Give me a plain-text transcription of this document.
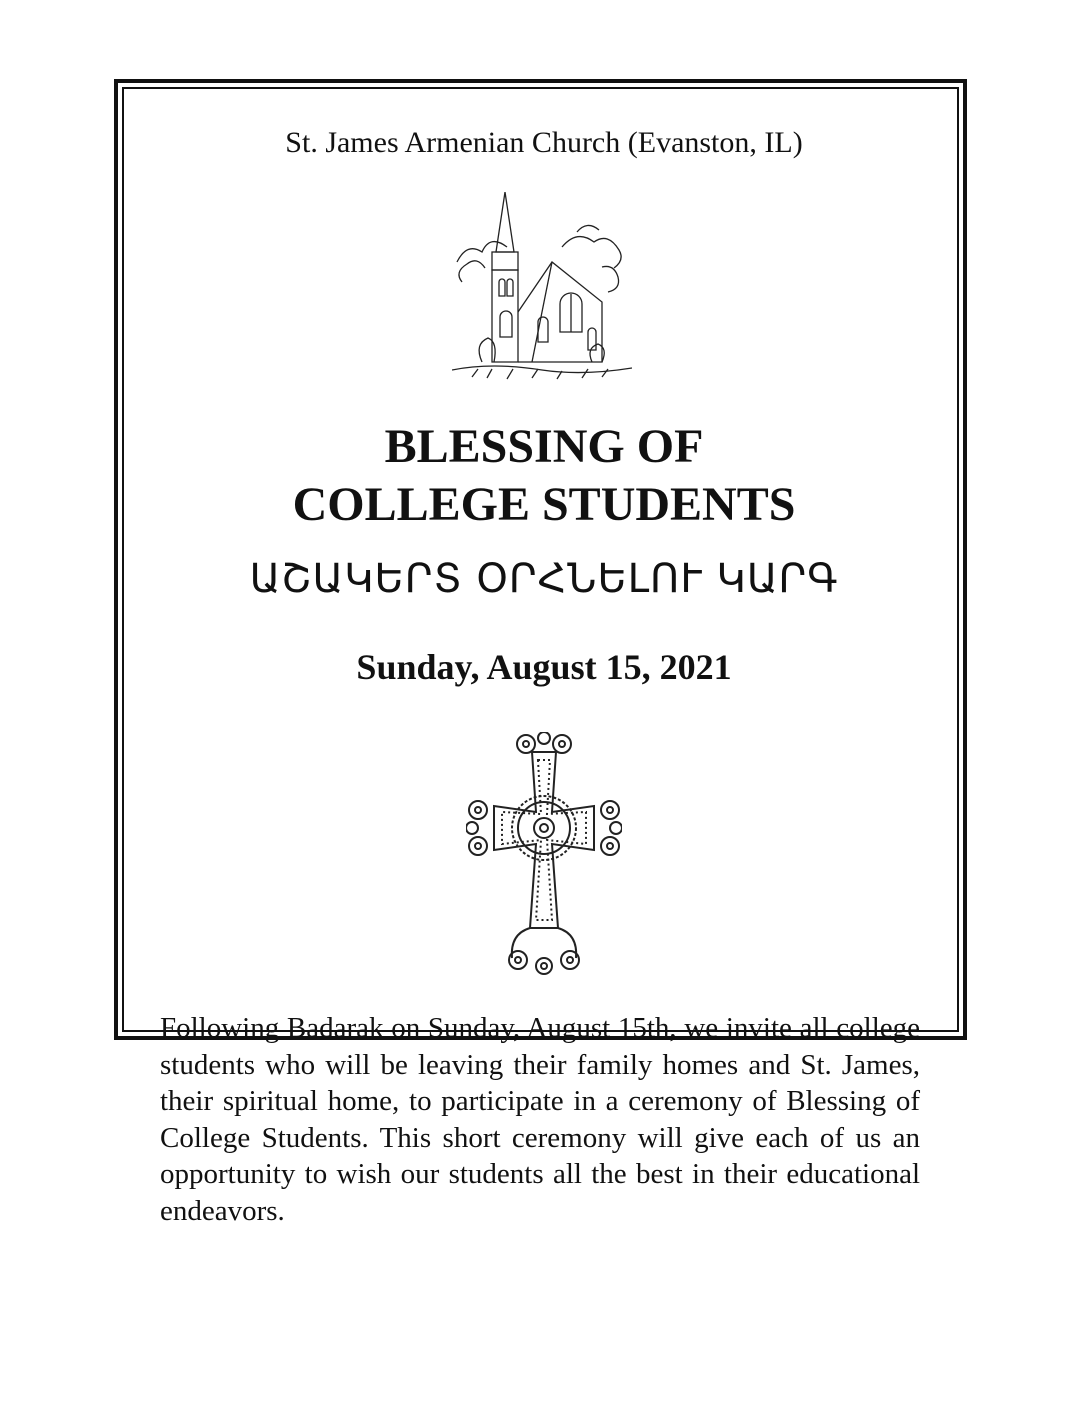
St. James Armenian Church (Evanston, IL)
BLESSING OF
COLLEGE STUDENTS
ԱՇԱԿԵՐՏ ՕՐՀՆԵԼՈՒ ԿԱՐԳ
Sunday, August 15, 2021
Following Badarak on Sunday, August 15th, we invite all college students who will be leaving their family homes and St. James, their spiritual home, to participate in a ceremony of Blessing of College Students. This short ceremony will give each of us an opportunity to wish our students all the best in their educational endeavors.
